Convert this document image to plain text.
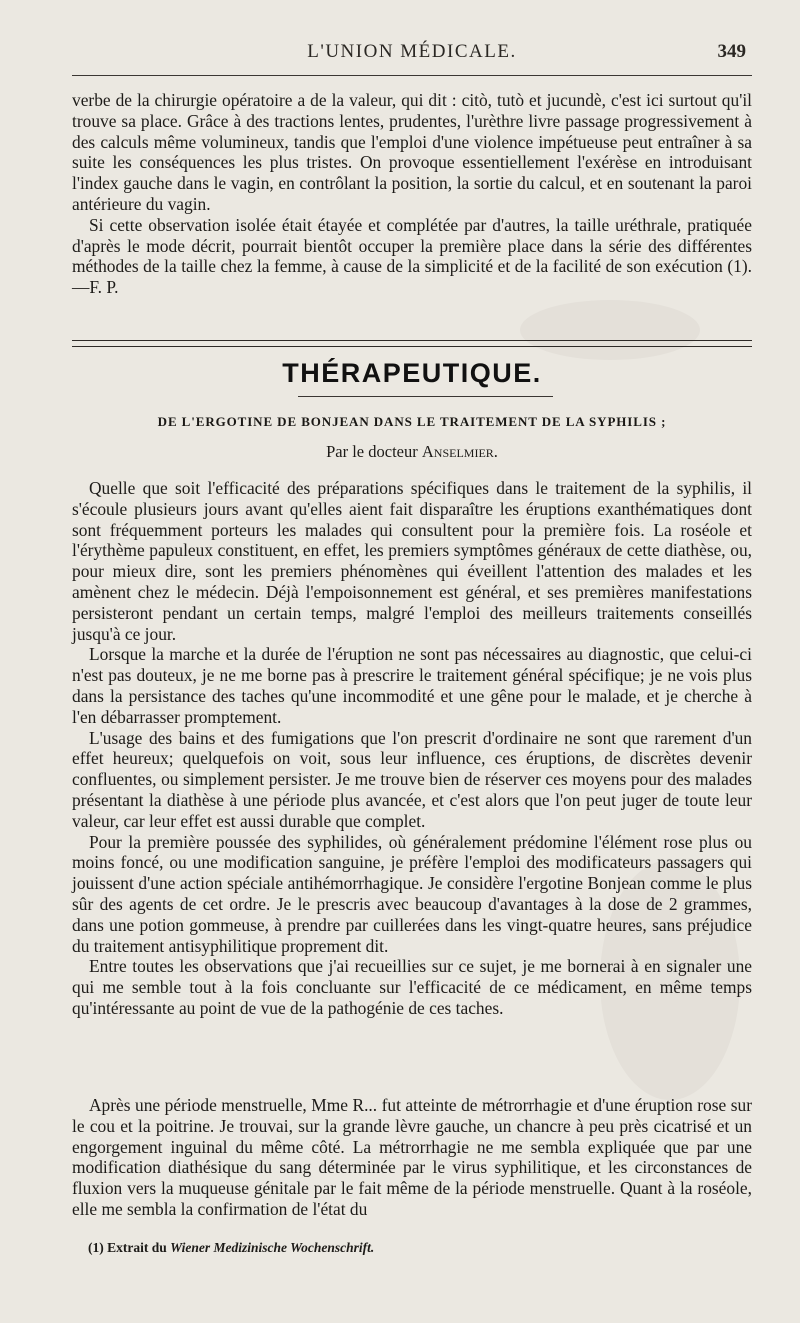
L'UNION MÉDICALE.	349

verbe de la chirurgie opératoire a de la valeur, qui dit : citò, tutò et jucundè, c'est ici surtout qu'il trouve sa place. Grâce à des tractions lentes, prudentes, l'urèthre livre passage progressivement à des calculs même volumineux, tandis que l'emploi d'une violence impétueuse peut entraîner à sa suite les conséquences les plus tristes. On provoque essentiellement l'exérèse en introduisant l'index gauche dans le vagin, en contrôlant la position, la sortie du calcul, et en soutenant la paroi antérieure du vagin.

Si cette observation isolée était étayée et complétée par d'autres, la taille uréthrale, pratiquée d'après le mode décrit, pourrait bientôt occuper la première place dans la série des différentes méthodes de la taille chez la femme, à cause de la simplicité et de la facilité de son exécution (1). —F. P.

THÉRAPEUTIQUE.
DE L'ERGOTINE DE BONJEAN DANS LE TRAITEMENT DE LA SYPHILIS ;
Par le docteur Anselmier.

Quelle que soit l'efficacité des préparations spécifiques dans le traitement de la syphilis, il s'écoule plusieurs jours avant qu'elles aient fait disparaître les éruptions exanthématiques dont sont fréquemment porteurs les malades qui consultent pour la première fois. La roséole et l'érythème papuleux constituent, en effet, les premiers symptômes généraux de cette diathèse, ou, pour mieux dire, sont les premiers phénomènes qui éveillent l'attention des malades et les amènent chez le médecin. Déjà l'empoisonnement est général, et ses premières manifestations persisteront pendant un certain temps, malgré l'emploi des meilleurs traitements conseillés jusqu'à ce jour.

Lorsque la marche et la durée de l'éruption ne sont pas nécessaires au diagnostic, que celui-ci n'est pas douteux, je ne me borne pas à prescrire le traitement général spécifique; je ne vois plus dans la persistance des taches qu'une incommodité et une gêne pour le malade, et je cherche à l'en débarrasser promptement.

L'usage des bains et des fumigations que l'on prescrit d'ordinaire ne sont que rarement d'un effet heureux; quelquefois on voit, sous leur influence, ces éruptions, de discrètes devenir confluentes, ou simplement persister. Je me trouve bien de réserver ces moyens pour des malades présentant la diathèse à une période plus avancée, et c'est alors que l'on peut juger de toute leur valeur, car leur effet est aussi durable que complet.

Pour la première poussée des syphilides, où généralement prédomine l'élément rose plus ou moins foncé, ou une modification sanguine, je préfère l'emploi des modificateurs passagers qui jouissent d'une action spéciale antihémorrhagique. Je considère l'ergotine Bonjean comme le plus sûr des agents de cet ordre. Je le prescris avec beaucoup d'avantages à la dose de 2 grammes, dans une potion gommeuse, à prendre par cuillerées dans les vingt-quatre heures, sans préjudice du traitement antisyphilitique proprement dit.

Entre toutes les observations que j'ai recueillies sur ce sujet, je me bornerai à en signaler une qui me semble tout à la fois concluante sur l'efficacité de ce médicament, en même temps qu'intéressante au point de vue de la pathogénie de ces taches.

Après une période menstruelle, Mme R... fut atteinte de métrorrhagie et d'une éruption rose sur le cou et la poitrine. Je trouvai, sur la grande lèvre gauche, un chancre à peu près cicatrisé et un engorgement inguinal du même côté. La métrorrhagie ne me sembla expliquée que par une modification diathésique du sang déterminée par le virus syphilitique, et les circonstances de fluxion vers la muqueuse génitale par le fait même de la période menstruelle. Quant à la roséole, elle me sembla la confirmation de l'état du

(1) Extrait du Wiener Medizinische Wochenschrift.
